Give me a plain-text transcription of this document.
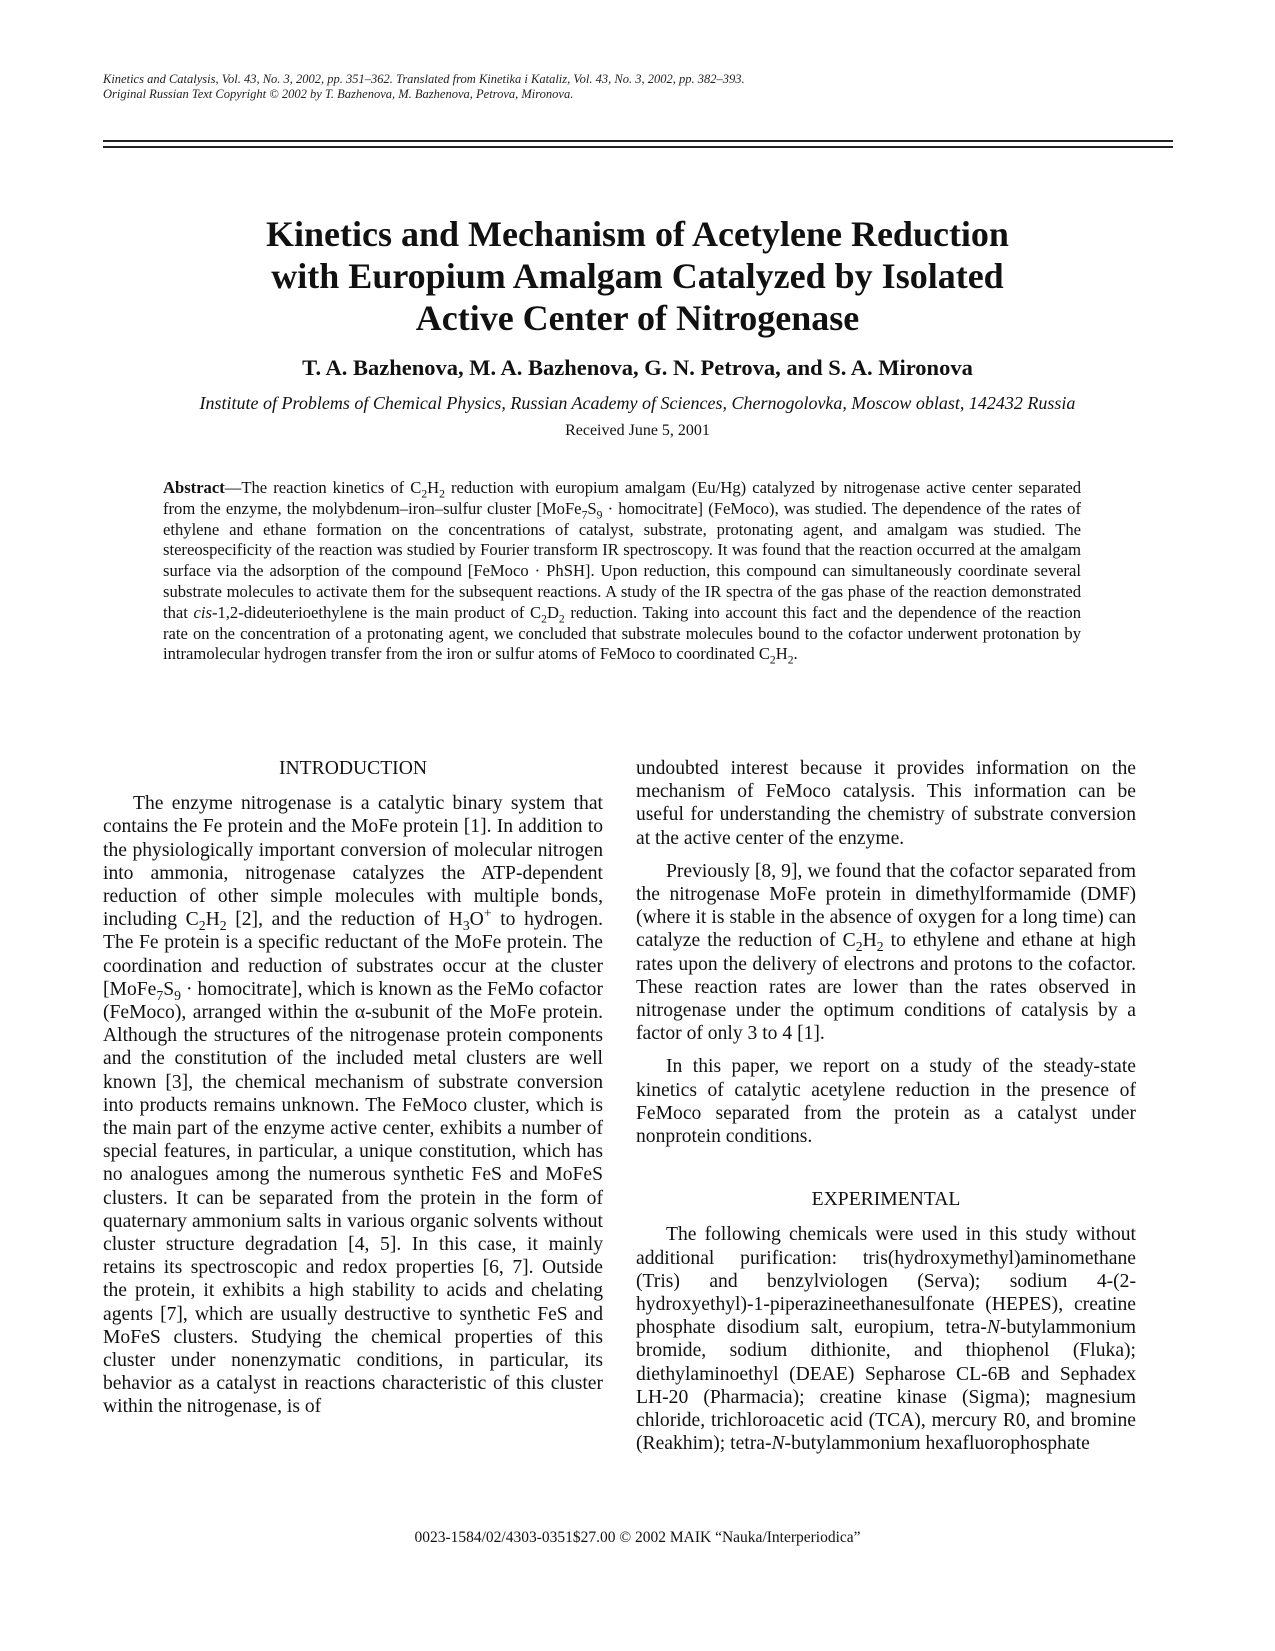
Kinetics and Catalysis, Vol. 43, No. 3, 2002, pp. 351–362. Translated from Kinetika i Kataliz, Vol. 43, No. 3, 2002, pp. 382–393.
Original Russian Text Copyright © 2002 by T. Bazhenova, M. Bazhenova, Petrova, Mironova.
Kinetics and Mechanism of Acetylene Reduction
with Europium Amalgam Catalyzed by Isolated
Active Center of Nitrogenase
T. A. Bazhenova, M. A. Bazhenova, G. N. Petrova, and S. A. Mironova
Institute of Problems of Chemical Physics, Russian Academy of Sciences, Chernogolovka, Moscow oblast, 142432 Russia
Received June 5, 2001
Abstract—The reaction kinetics of $C_2H_2$ reduction with europium amalgam (Eu/Hg) catalyzed by nitrogenase active center separated from the enzyme, the molybdenum–iron–sulfur cluster [$MoFe_7S_9$ · homocitrate] (FeMoco), was studied. The dependence of the rates of ethylene and ethane formation on the concentrations of catalyst, substrate, protonating agent, and amalgam was studied. The stereospecificity of the reaction was studied by Fourier transform IR spectroscopy. It was found that the reaction occurred at the amalgam surface via the adsorption of the compound [FeMoco · PhSH]. Upon reduction, this compound can simultaneously coordinate several substrate molecules to activate them for the subsequent reactions. A study of the IR spectra of the gas phase of the reaction demonstrated that cis-1,2-dideuterioethylene is the main product of $C_2D_2$ reduction. Taking into account this fact and the dependence of the reaction rate on the concentration of a protonating agent, we concluded that substrate molecules bound to the cofactor underwent protonation by intramolecular hydrogen transfer from the iron or sulfur atoms of FeMoco to coordinated $C_2H_2$.
INTRODUCTION

The enzyme nitrogenase is a catalytic binary system that contains the Fe protein and the MoFe protein [1]. In addition to the physiologically important conversion of molecular nitrogen into ammonia, nitrogenase catalyzes the ATP-dependent reduction of other simple molecules with multiple bonds, including $C_2H_2$ [2], and the reduction of $H_3O^+$ to hydrogen. The Fe protein is a specific reductant of the MoFe protein. The coordination and reduction of substrates occur at the cluster [$MoFe_7S_9$ · homocitrate], which is known as the FeMo cofactor (FeMoco), arranged within the α-subunit of the MoFe protein. Although the structures of the nitrogenase protein components and the constitution of the included metal clusters are well known [3], the chemical mechanism of substrate conversion into products remains unknown. The FeMoco cluster, which is the main part of the enzyme active center, exhibits a number of special features, in particular, a unique constitution, which has no analogues among the numerous synthetic FeS and MoFeS clusters. It can be separated from the protein in the form of quaternary ammonium salts in various organic solvents without cluster structure degradation [4, 5]. In this case, it mainly retains its spectroscopic and redox properties [6, 7]. Outside the protein, it exhibits a high stability to acids and chelating agents [7], which are usually destructive to synthetic FeS and MoFeS clusters. Studying the chemical properties of this cluster under nonenzymatic conditions, in particular, its behavior as a catalyst in reactions characteristic of this cluster within the nitrogenase, is of

undoubted interest because it provides information on the mechanism of FeMoco catalysis. This information can be useful for understanding the chemistry of substrate conversion at the active center of the enzyme.

Previously [8, 9], we found that the cofactor separated from the nitrogenase MoFe protein in dimethylformamide (DMF) (where it is stable in the absence of oxygen for a long time) can catalyze the reduction of $C_2H_2$ to ethylene and ethane at high rates upon the delivery of electrons and protons to the cofactor. These reaction rates are lower than the rates observed in nitrogenase under the optimum conditions of catalysis by a factor of only 3 to 4 [1].

In this paper, we report on a study of the steady-state kinetics of catalytic acetylene reduction in the presence of FeMoco separated from the protein as a catalyst under nonprotein conditions.

EXPERIMENTAL

The following chemicals were used in this study without additional purification: tris(hydroxymethyl)aminomethane (Tris) and benzylviologen (Serva); sodium 4-(2-hydroxyethyl)-1-piperazineethanesulfonate (HEPES), creatine phosphate disodium salt, europium, tetra-N-butylammonium bromide, sodium dithionite, and thiophenol (Fluka); diethylaminoethyl (DEAE) Sepharose CL-6B and Sephadex LH-20 (Pharmacia); creatine kinase (Sigma); magnesium chloride, trichloroacetic acid (TCA), mercury R0, and bromine (Reakhim); tetra-N-butylammonium hexafluorophosphate

0023-1584/02/4303-0351$27.00 © 2002 MAIK “Nauka/Interperiodica”
